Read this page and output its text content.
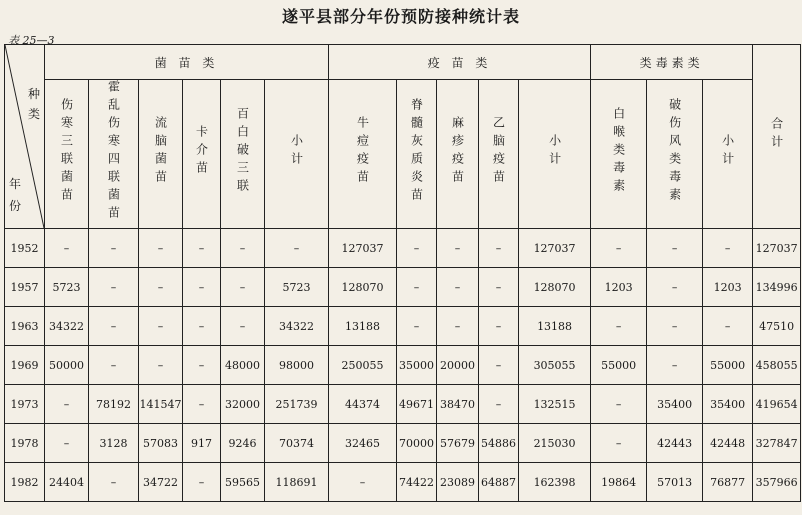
遂平县部分年份预防接种统计表
表 25—3
种
类
年
份	菌 苗 类						疫 苗 类					类毒素类			合计
	伤寒三联菌苗	霍乱伤寒四联菌苗	流脑菌苗	卡介苗	百白破三联	小计	牛痘疫苗	脊髓灰质炎苗	麻疹疫苗	乙脑疫苗	小计	白喉类毒素	破伤风类毒素	小计	
1952	–	–	–	–	–	–	127037	–	–	–	127037	–	–	–	127037
1957	5723	–	–	–	–	5723	128070	–	–	–	128070	1203	–	1203	134996
1963	34322	–	–	–	–	34322	13188	–	–	–	13188	–	–	–	47510
1969	50000	–	–	–	48000	98000	250055	35000	20000	–	305055	55000	–	55000	458055
1973	–	78192	141547	–	32000	251739	44374	49671	38470	–	132515	–	35400	35400	419654
1978	–	3128	57083	917	9246	70374	32465	70000	57679	54886	215030	–	42443	42448	327847
1982	24404	–	34722	–	59565	118691	–	74422	23089	64887	162398	19864	57013	76877	357966
